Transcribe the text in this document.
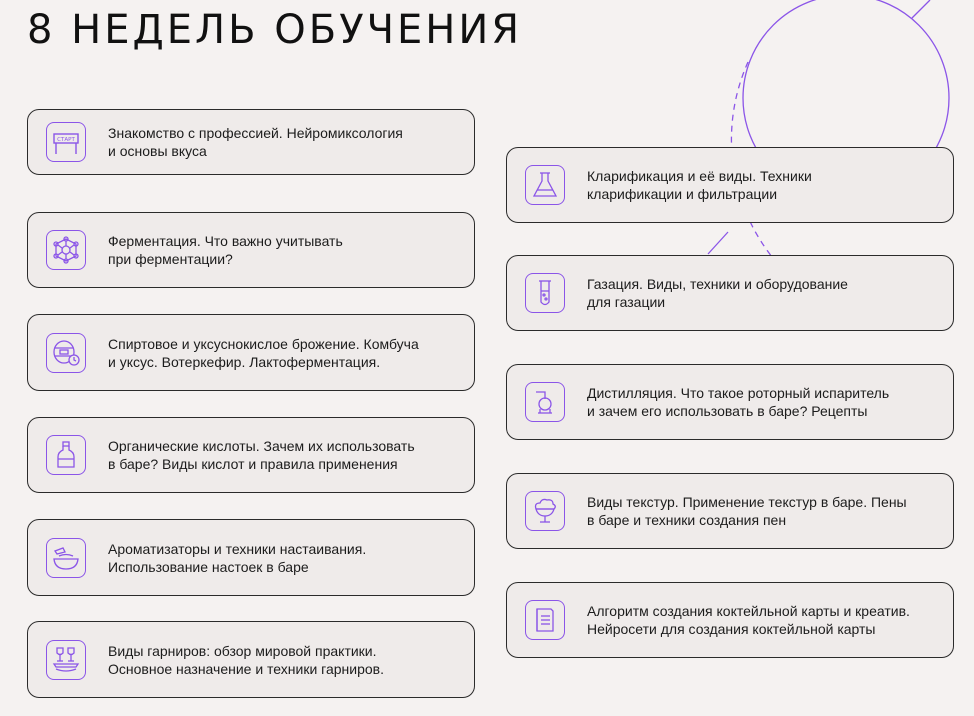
8 НЕДЕЛЬ ОБУЧЕНИЯ
СТАРТ Знакомство с профессией. Нейромиксология
и основы вкуса
Ферментация. Что важно учитывать
при ферментации?
Спиртовое и уксуснокислое брожение. Комбуча
и уксус. Вотеркефир. Лактоферментация.
Органические кислоты. Зачем их использовать
в баре? Виды кислот и правила применения
Ароматизаторы и техники настаивания.
Использование настоек в баре
Виды гарниров: обзор мировой практики.
Основное назначение и техники гарниров.
Кларификация и её виды. Техники
кларификации и фильтрации
Газация. Виды, техники и оборудование
для газации
Дистилляция. Что такое роторный испаритель
и зачем его использовать в баре? Рецепты
Виды текстур. Применение текстур в баре. Пены
в баре и техники создания пен
Алгоритм создания коктейльной карты и креатив.
Нейросети для создания коктейльной карты
